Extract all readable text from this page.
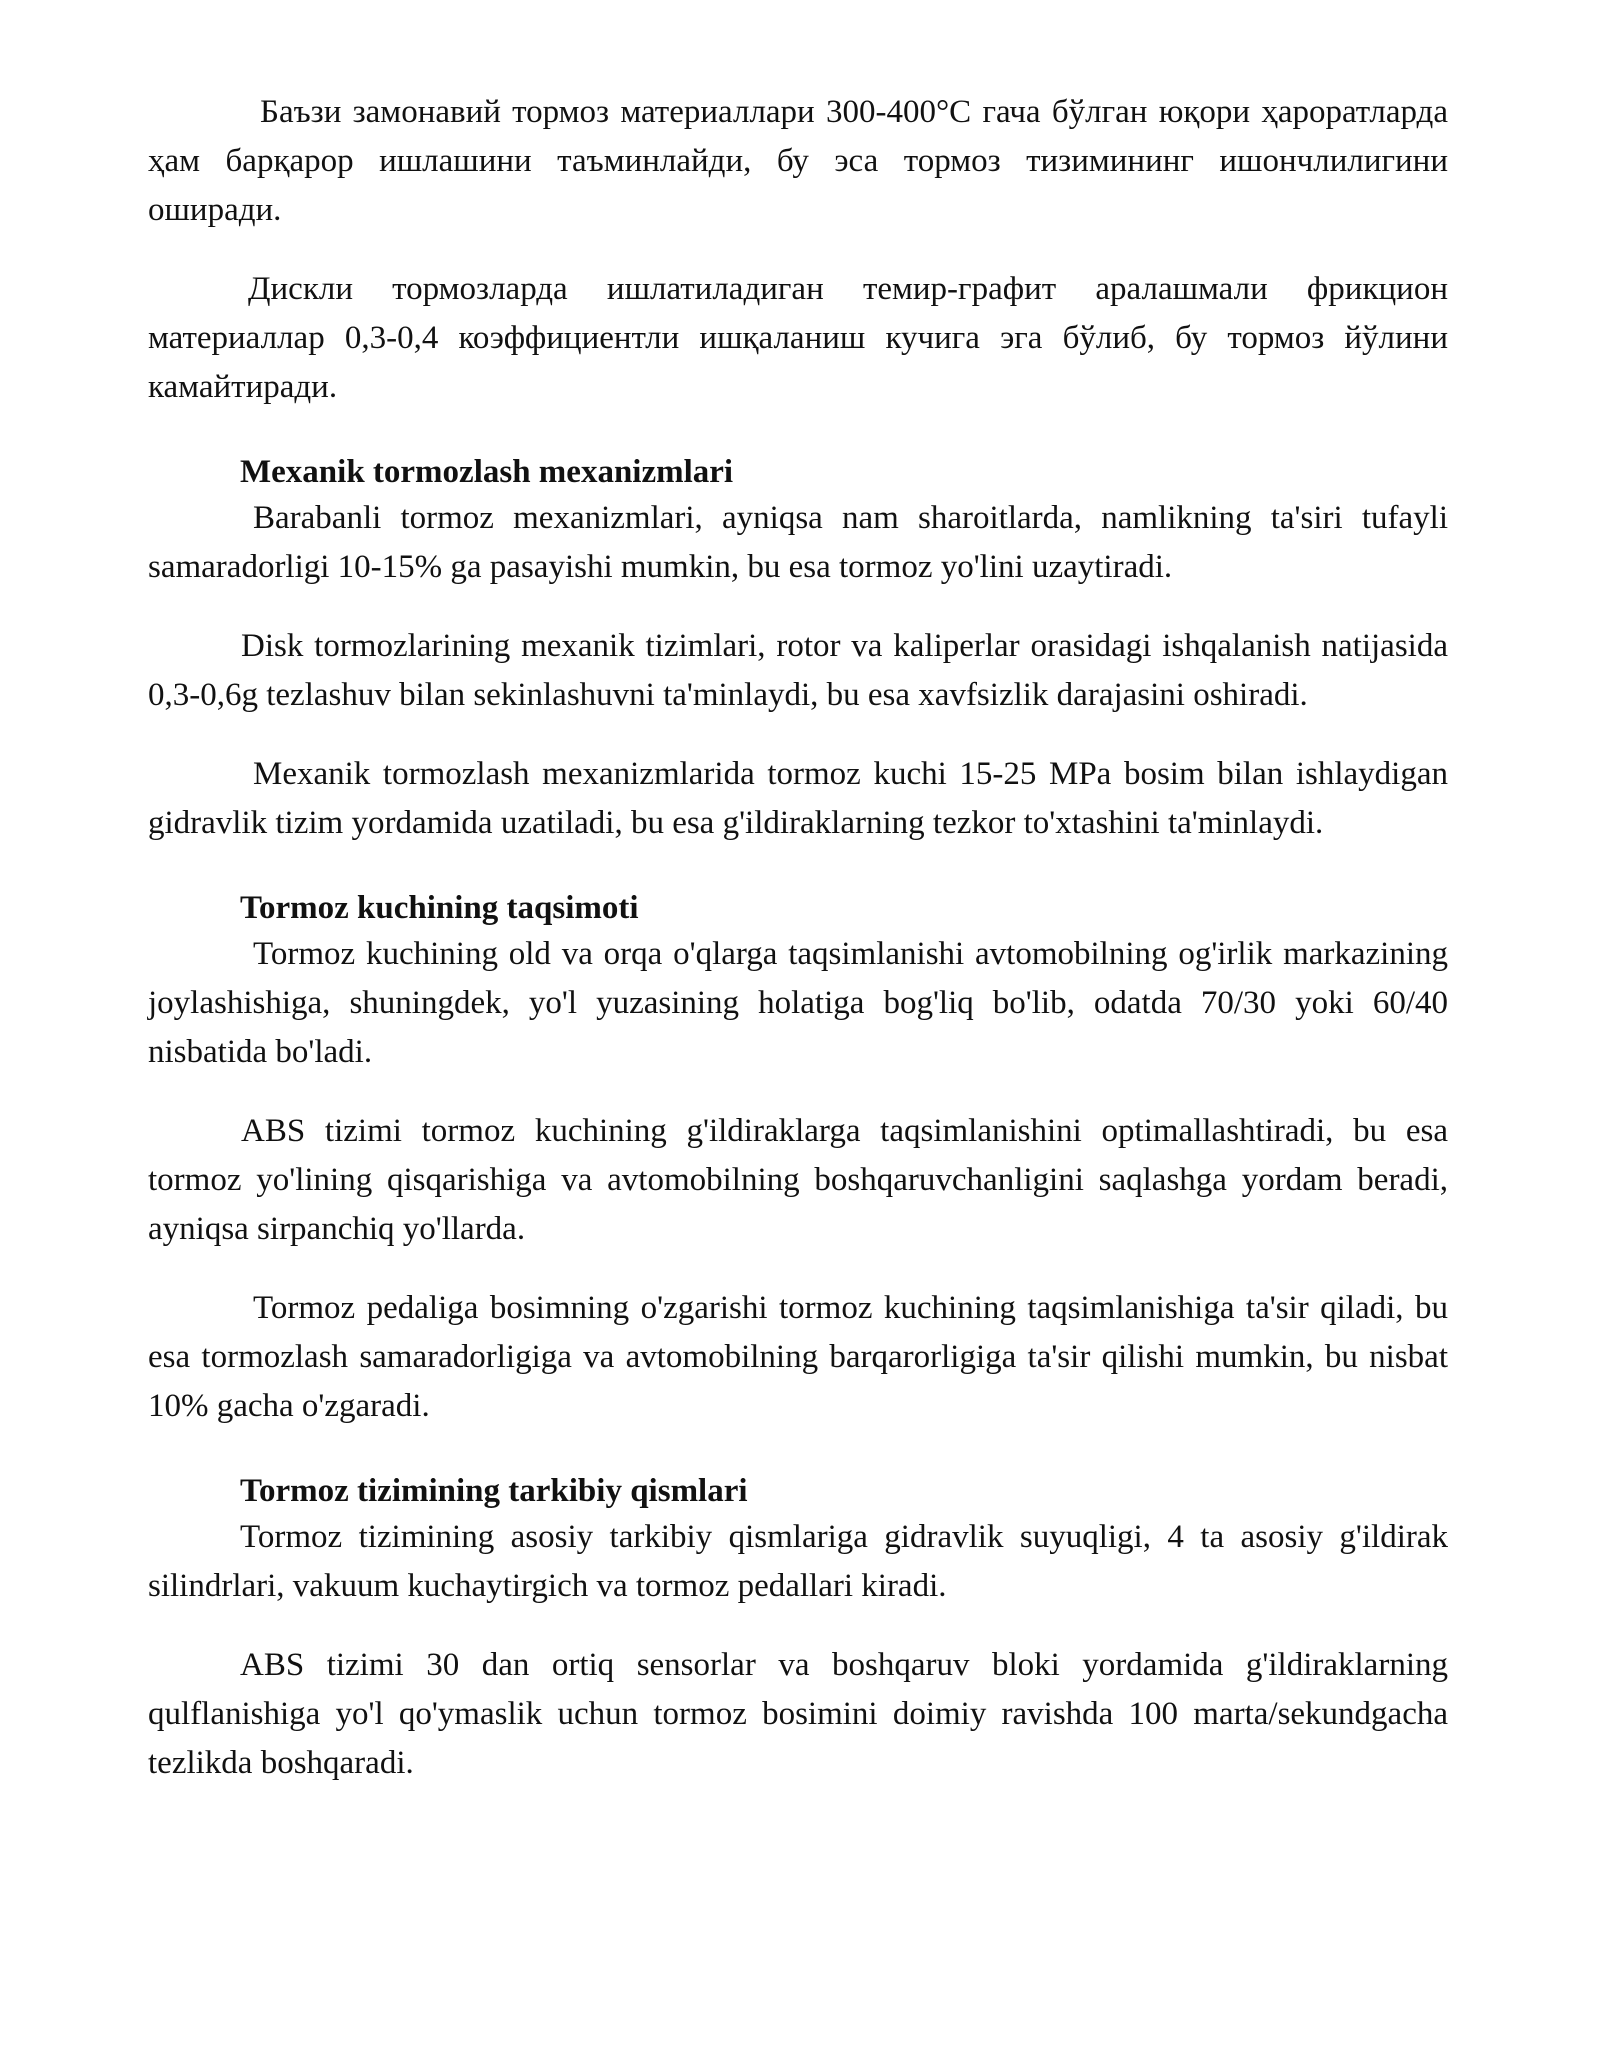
Баъзи замонавий тормоз материаллари 300-400°C гача бўлган юқори ҳароратларда ҳам барқарор ишлашини таъминлайди, бу эса тормоз тизимининг ишончлилигини оширади.

Дискли тормозларда ишлатиладиган темир-графит аралашмали фрикцион материаллар 0,3-0,4 коэффициентли ишқаланиш кучига эга бўлиб, бу тормоз йўлини камайтиради.

Mexanik tormozlash mexanizmlari

Barabanli tormoz mexanizmlari, ayniqsa nam sharoitlarda, namlikning ta'siri tufayli samaradorligi 10-15% ga pasayishi mumkin, bu esa tormoz yo'lini uzaytiradi.

Disk tormozlarining mexanik tizimlari, rotor va kaliperlar orasidagi ishqalanish natijasida 0,3-0,6g tezlashuv bilan sekinlashuvni ta'minlaydi, bu esa xavfsizlik darajasini oshiradi.

Mexanik tormozlash mexanizmlarida tormoz kuchi 15-25 MPa bosim bilan ishlaydigan gidravlik tizim yordamida uzatiladi, bu esa g'ildiraklarning tezkor to'xtashini ta'minlaydi.

Tormoz kuchining taqsimoti

Tormoz kuchining old va orqa o'qlarga taqsimlanishi avtomobilning og'irlik markazining joylashishiga, shuningdek, yo'l yuzasining holatiga bog'liq bo'lib, odatda 70/30 yoki 60/40 nisbatida bo'ladi.

ABS tizimi tormoz kuchining g'ildiraklarga taqsimlanishini optimallashtiradi, bu esa tormoz yo'lining qisqarishiga va avtomobilning boshqaruvchanligini saqlashga yordam beradi, ayniqsa sirpanchiq yo'llarda.

Tormoz pedaliga bosimning o'zgarishi tormoz kuchining taqsimlanishiga ta'sir qiladi, bu esa tormozlash samaradorligiga va avtomobilning barqarorligiga ta'sir qilishi mumkin, bu nisbat 10% gacha o'zgaradi.

Tormoz tizimining tarkibiy qismlari

Tormoz tizimining asosiy tarkibiy qismlariga gidravlik suyuqligi, 4 ta asosiy g'ildirak silindrlari, vakuum kuchaytirgich va tormoz pedallari kiradi.

ABS tizimi 30 dan ortiq sensorlar va boshqaruv bloki yordamida g'ildiraklarning qulflanishiga yo'l qo'ymaslik uchun tormoz bosimini doimiy ravishda 100 marta/sekundgacha tezlikda boshqaradi.
